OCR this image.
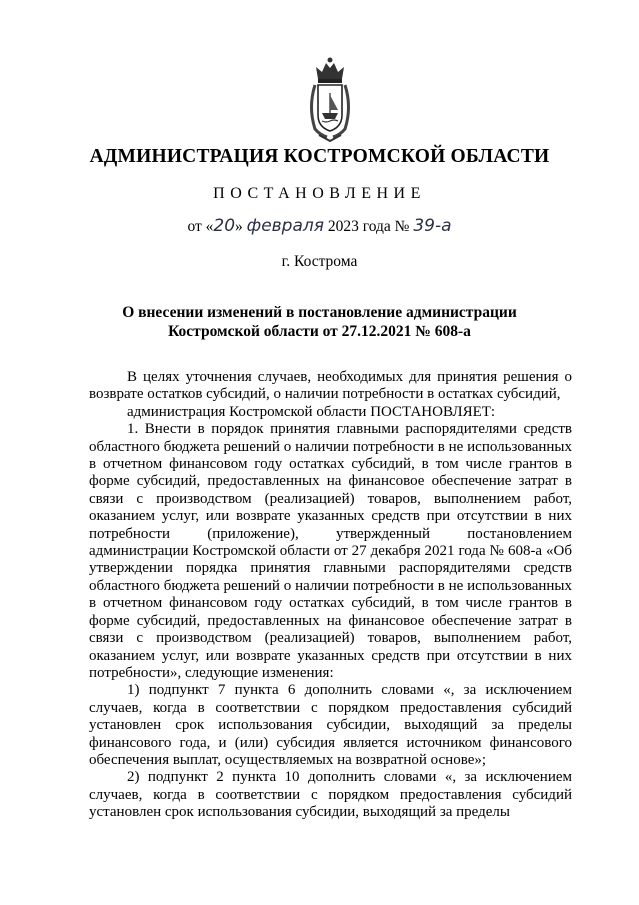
АДМИНИСТРАЦИЯ КОСТРОМСКОЙ ОБЛАСТИ
ПОСТАНОВЛЕНИЕ
от «20» февраля 2023 года № 39-а
г. Кострома
О внесении изменений в постановление администрации
Костромской области от 27.12.2021 № 608-а

В целях уточнения случаев, необходимых для принятия решения о возврате остатков субсидий, о наличии потребности в остатках субсидий,

администрация Костромской области ПОСТАНОВЛЯЕТ:

1. Внести в порядок принятия главными распорядителями средств областного бюджета решений о наличии потребности в не использованных в отчетном финансовом году остатках субсидий, в том числе грантов в форме субсидий, предоставленных на финансовое обеспечение затрат в связи с производством (реализацией) товаров, выполнением работ, оказанием услуг, или возврате указанных средств при отсутствии в них потребности (приложение), утвержденный постановлением администрации Костромской области от 27 декабря 2021 года № 608-а «Об утверждении порядка принятия главными распорядителями средств областного бюджета решений о наличии потребности в не использованных в отчетном финансовом году остатках субсидий, в том числе грантов в форме субсидий, предоставленных на финансовое обеспечение затрат в связи с производством (реализацией) товаров, выполнением работ, оказанием услуг, или возврате указанных средств при отсутствии в них потребности», следующие изменения:

1) подпункт 7 пункта 6 дополнить словами «, за исключением случаев, когда в соответствии с порядком предоставления субсидий установлен срок использования субсидии, выходящий за пределы финансового года, и (или) субсидия является источником финансового обеспечения выплат, осуществляемых на возвратной основе»;

2) подпункт 2 пункта 10 дополнить словами «, за исключением случаев, когда в соответствии с порядком предоставления субсидий установлен срок использования субсидии, выходящий за пределы
